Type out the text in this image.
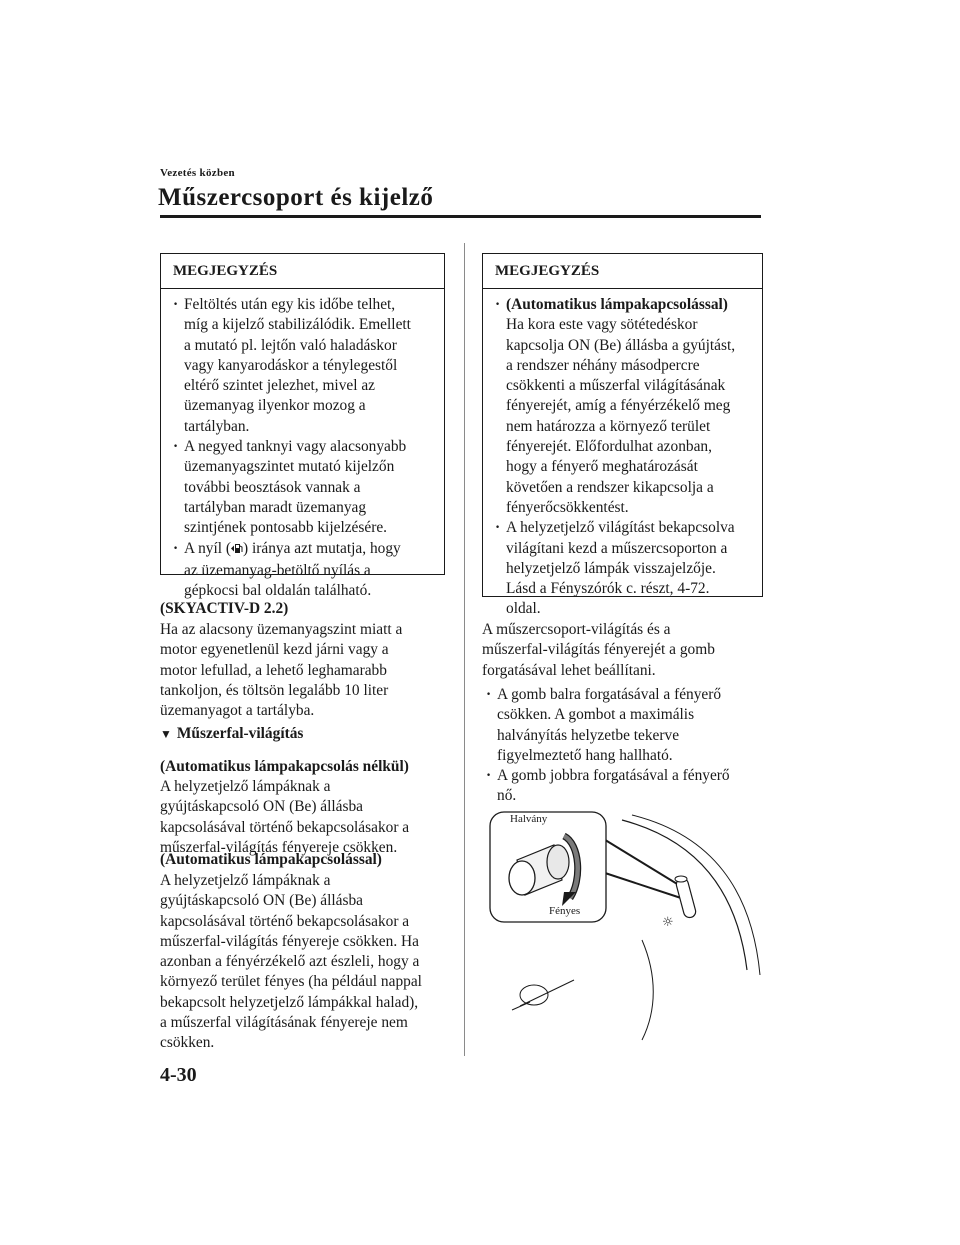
Vezetés közben
Műszercsoport és kijelző
MEGJEGYZÉS
· Feltöltés után egy kis időbe telhet,
míg a kijelző stabilizálódik. Emellett
a mutató pl. lejtőn való haladáskor
vagy kanyarodáskor a ténylegestől
eltérő szintet jelezhet, mivel az
üzemanyag ilyenkor mozog a
tartályban.
· A negyed tanknyi vagy alacsonyabb
üzemanyagszintet mutató kijelzőn
további beosztások vannak a
tartályban maradt üzemanyag
szintjének pontosabb kijelzésére.
· A nyíl ( ) iránya azt mutatja, hogy
az üzemanyag-betöltő nyílás a
gépkocsi bal oldalán található.
(SKYACTIV-D 2.2)
Ha az alacsony üzemanyagszint miatt a
motor egyenetlenül kezd járni vagy a
motor lefullad, a lehető leghamarabb
tankoljon, és töltsön legalább 10 liter
üzemanyagot a tartályba.
▼ Műszerfal-világítás
(Automatikus lámpakapcsolás nélkül)
A helyzetjelző lámpáknak a
gyújtáskapcsoló ON (Be) állásba
kapcsolásával történő bekapcsolásakor a
műszerfal-világítás fényereje csökken.
(Automatikus lámpakapcsolással)
A helyzetjelző lámpáknak a
gyújtáskapcsoló ON (Be) állásba
kapcsolásával történő bekapcsolásakor a
műszerfal-világítás fényereje csökken. Ha
azonban a fényérzékelő azt észleli, hogy a
környező terület fényes (ha például nappal
bekapcsolt helyzetjelző lámpákkal halad),
a műszerfal világításának fényereje nem
csökken.
MEGJEGYZÉS
· (Automatikus lámpakapcsolással)
Ha kora este vagy sötétedéskor
kapcsolja ON (Be) állásba a gyújtást,
a rendszer néhány másodpercre
csökkenti a műszerfal világításának
fényerejét, amíg a fényérzékelő meg
nem határozza a környező terület
fényerejét. Előfordulhat azonban,
hogy a fényerő meghatározását
követően a rendszer kikapcsolja a
fényerőcsökkentést.
· A helyzetjelző világítást bekapcsolva
világítani kezd a műszercsoporton a
helyzetjelző lámpák visszajelzője.
Lásd a Fényszórók c. részt, 4-72.
oldal.
A műszercsoport-világítás és a
műszerfal-világítás fényerejét a gomb
forgatásával lehet beállítani.
· A gomb balra forgatásával a fényerő
csökken. A gombot a maximális
halványítás helyzetbe tekerve
figyelmeztető hang hallható.
· A gomb jobbra forgatásával a fényerő
nő.
☼
Halvány
Fényes
4-30
